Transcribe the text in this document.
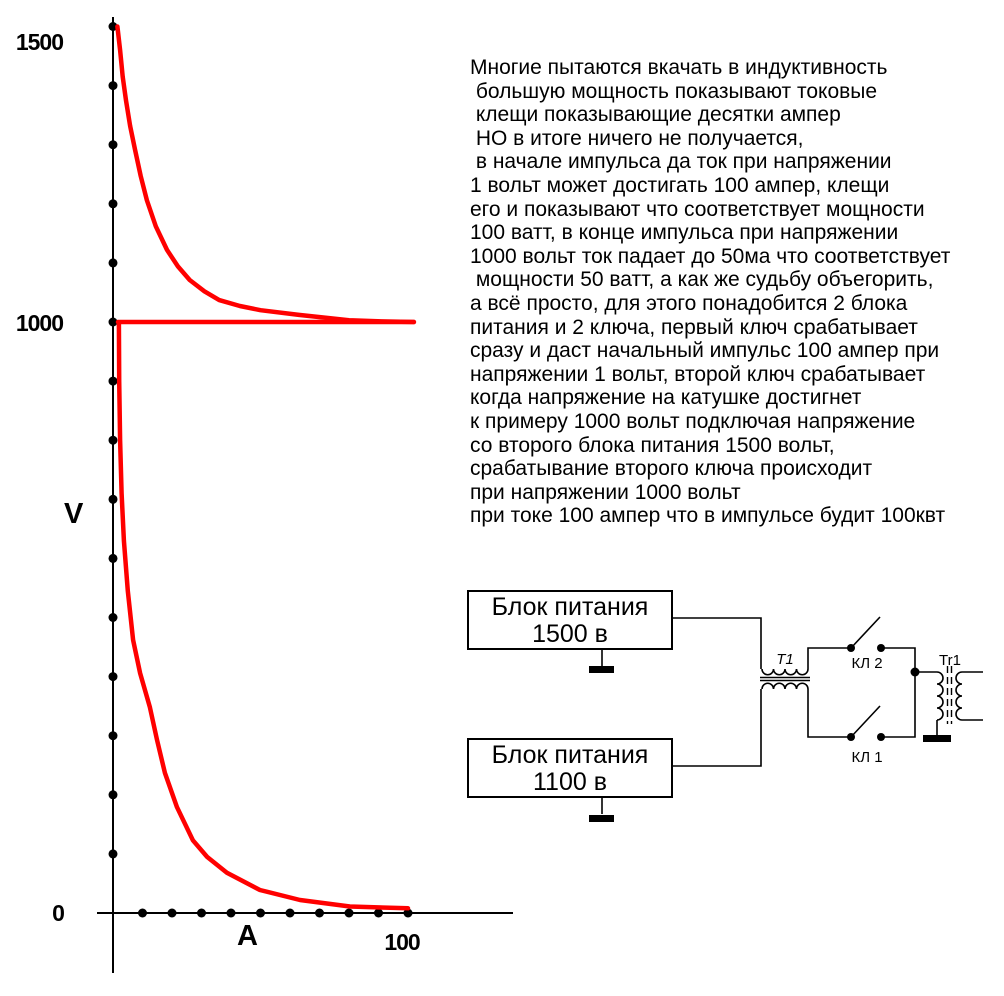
1500
1000
0
100
V
A
Многие пытаются вкачать в индуктивность
большую мощность показывают токовые
клещи показывающие десятки ампер
НО в итоге ничего не получается,
в начале импульса да ток при напряжении
1 вольт может достигать 100 ампер, клещи
его и показывают что соответствует мощности
100 ватт, в конце импульса при напряжении
1000 вольт ток падает до 50ма что соответствует
мощности 50 ватт, а как же судьбу объегорить,
а всё просто, для этого понадобится 2 блока
питания и 2 ключа, первый ключ срабатывает
сразу и даст начальный импульс 100 ампер при
напряжении 1 вольт, второй ключ срабатывает
когда напряжение на катушке достигнет
к примеру 1000 вольт подключая напряжение
со второго блока питания 1500 вольт,
срабатывание второго ключа происходит
при напряжении 1000 вольт
при токе 100 ампер что в импульсе будит 100квт
Блок питания
1500 в
Блок питания
1100 в
T1	Tr1
КЛ 2
КЛ 1
